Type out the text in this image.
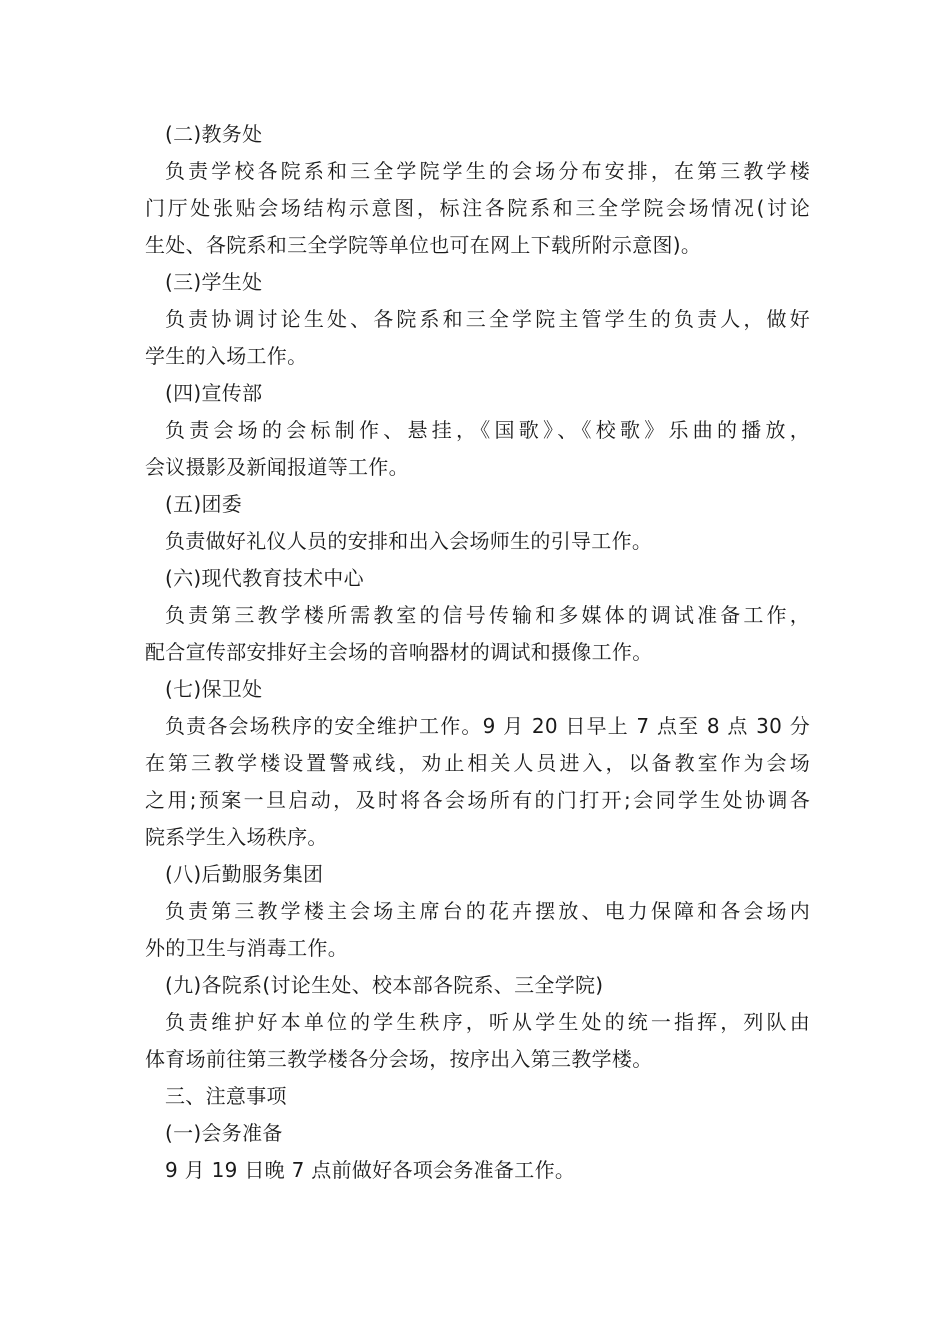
(二)教务处
负责学校各院系和三全学院学生的会场分布安排，在第三教学楼
门厅处张贴会场结构示意图，标注各院系和三全学院会场情况(讨论
生处、各院系和三全学院等单位也可在网上下载所附示意图)。
(三)学生处
负责协调讨论生处、各院系和三全学院主管学生的负责人，做好
学生的入场工作。
(四)宣传部
负责会场的会标制作、悬挂，《国歌》、《校歌》乐曲的播放，
会议摄影及新闻报道等工作。
(五)团委
负责做好礼仪人员的安排和出入会场师生的引导工作。
(六)现代教育技术中心
负责第三教学楼所需教室的信号传输和多媒体的调试准备工作，
配合宣传部安排好主会场的音响器材的调试和摄像工作。
(七)保卫处
负责各会场秩序的安全维护工作。9 月 20 日早上 7 点至 8 点 30 分
在第三教学楼设置警戒线，劝止相关人员进入，以备教室作为会场
之用;预案一旦启动，及时将各会场所有的门打开;会同学生处协调各
院系学生入场秩序。
(八)后勤服务集团
负责第三教学楼主会场主席台的花卉摆放、电力保障和各会场内
外的卫生与消毒工作。
(九)各院系(讨论生处、校本部各院系、三全学院)
负责维护好本单位的学生秩序，听从学生处的统一指挥，列队由
体育场前往第三教学楼各分会场，按序出入第三教学楼。
三、注意事项
(一)会务准备
9 月 19 日晚 7 点前做好各项会务准备工作。
